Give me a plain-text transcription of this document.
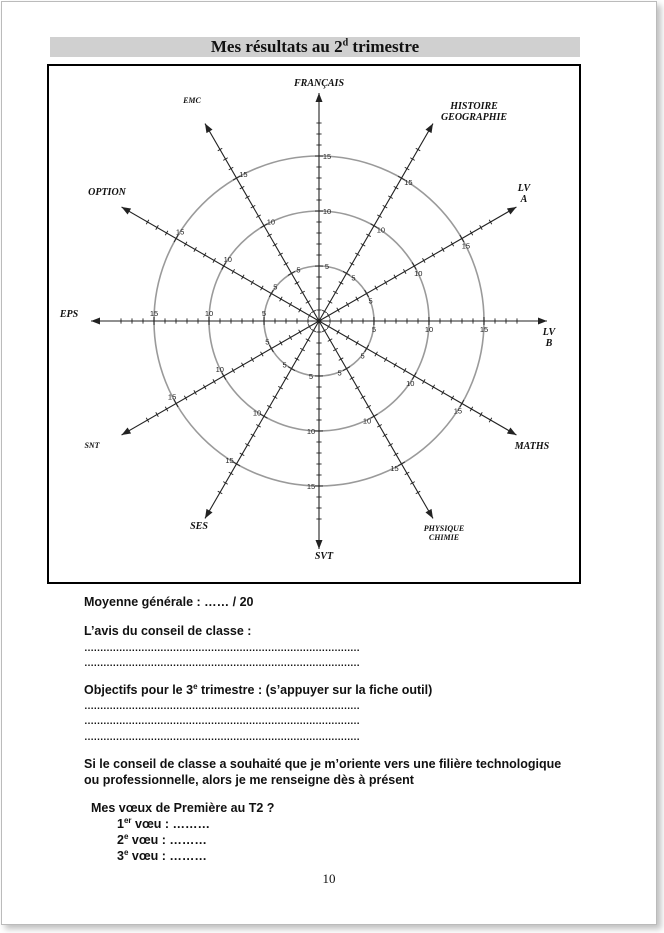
Mes résultats au 2$^d$ trimestre
5
10
15
FRANÇAIS
5
10
15
HISTOIRE GEOGRAPHIE
5
10
15
LV A
5	10	15	LV B
5
10
15
MATHS
5
10
15
PHYSIQUE CHIMIE
5
10
15
SVT
5
10
15
SES
5
10
15
SNT
5
10
15
EPS
5
10
15
OPTION
5
10
15
EMC
Moyenne générale : …… / 20
L’avis du conseil de classe :
……………………………………………………………………………
……………………………………………………………………………
Objectifs pour le 3e trimestre : (s’appuyer sur la fiche outil)
……………………………………………………………………………
……………………………………………………………………………
……………………………………………………………………………
Si le conseil de classe a souhaité que je m’oriente vers une filière technologique
ou professionnelle, alors je me renseigne dès à présent
Mes vœux de Première au T2 ?
1er vœu : ………
2e vœu : ………
3e vœu : ………
10
